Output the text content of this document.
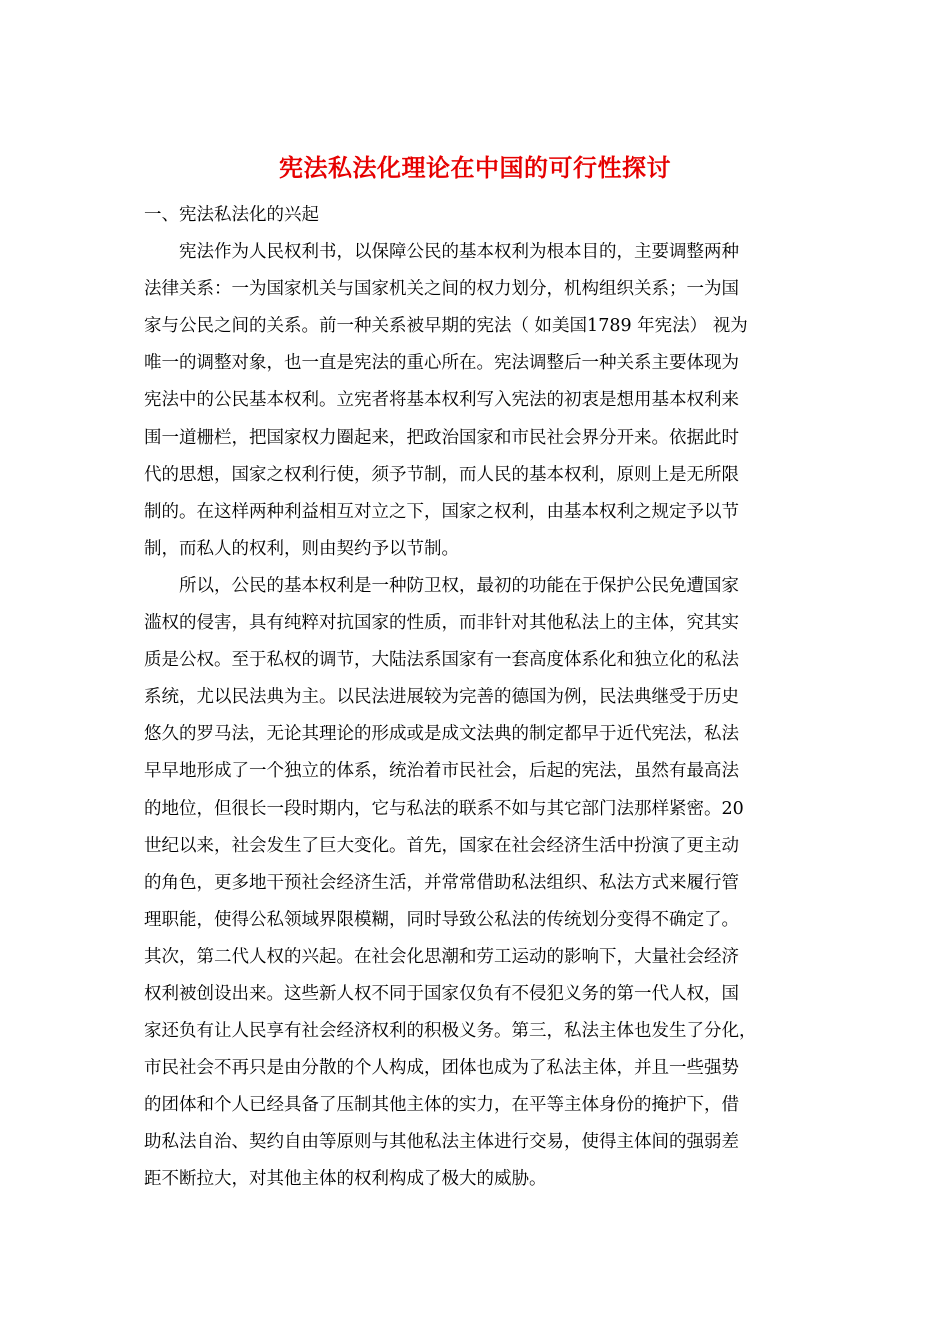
宪法私法化理论在中国的可行性探讨

一、宪法私法化的兴起

宪法作为人民权利书，以保障公民的基本权利为根本目的，主要调整两种
法律关系：一为国家机关与国家机关之间的权力划分，机构组织关系；一为国
家与公民之间的关系。前一种关系被早期的宪法（ 如美国1789 年宪法） 视为
唯一的调整对象，也一直是宪法的重心所在。宪法调整后一种关系主要体现为
宪法中的公民基本权利。立宪者将基本权利写入宪法的初衷是想用基本权利来
围一道栅栏，把国家权力圈起来，把政治国家和市民社会界分开来。依据此时
代的思想，国家之权利行使，须予节制，而人民的基本权利，原则上是无所限
制的。在这样两种利益相互对立之下，国家之权利，由基本权利之规定予以节
制，而私人的权利，则由契约予以节制。

所以，公民的基本权利是一种防卫权，最初的功能在于保护公民免遭国家
滥权的侵害，具有纯粹对抗国家的性质，而非针对其他私法上的主体，究其实
质是公权。至于私权的调节，大陆法系国家有一套高度体系化和独立化的私法
系统，尤以民法典为主。以民法进展较为完善的德国为例，民法典继受于历史
悠久的罗马法，无论其理论的形成或是成文法典的制定都早于近代宪法，私法
早早地形成了一个独立的体系，统治着市民社会，后起的宪法，虽然有最高法
的地位，但很长一段时期内，它与私法的联系不如与其它部门法那样紧密。20
世纪以来，社会发生了巨大变化。首先，国家在社会经济生活中扮演了更主动
的角色，更多地干预社会经济生活，并常常借助私法组织、私法方式来履行管
理职能，使得公私领域界限模糊，同时导致公私法的传统划分变得不确定了。
其次，第二代人权的兴起。在社会化思潮和劳工运动的影响下，大量社会经济
权利被创设出来。这些新人权不同于国家仅负有不侵犯义务的第一代人权，国
家还负有让人民享有社会经济权利的积极义务。第三，私法主体也发生了分化，
市民社会不再只是由分散的个人构成，团体也成为了私法主体，并且一些强势
的团体和个人已经具备了压制其他主体的实力，在平等主体身份的掩护下，借
助私法自治、契约自由等原则与其他私法主体进行交易，使得主体间的强弱差
距不断拉大，对其他主体的权利构成了极大的威胁。
